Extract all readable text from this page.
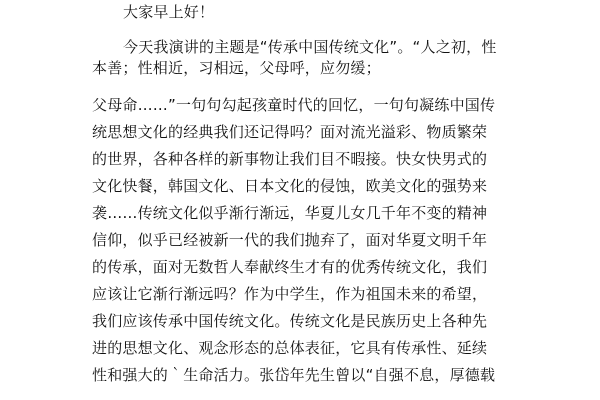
大家早上好！
今天我演讲的主题是“传承中国传统文化”。“人之初，性
本善；性相近，习相远，父母呼，应勿缓；
父母命……”一句句勾起孩童时代的回忆，一句句凝练中国传
统思想文化的经典我们还记得吗？面对流光溢彩、物质繁荣
的世界，各种各样的新事物让我们目不暇接。快女快男式的
文化快餐，韩国文化、日本文化的侵蚀，欧美文化的强势来
袭……传统文化似乎渐行渐远，华夏儿女几千年不变的精神
信仰，似乎已经被新一代的我们抛弃了，面对华夏文明千年
的传承，面对无数哲人奉献终生才有的优秀传统文化，我们
应该让它渐行渐远吗？作为中学生，作为祖国未来的希望，
我们应该传承中国传统文化。传统文化是民族历史上各种先
进的思想文化、观念形态的总体表征，它具有传承性、延续
性和强大的｀生命活力。张岱年先生曾以“自强不息，厚德载
